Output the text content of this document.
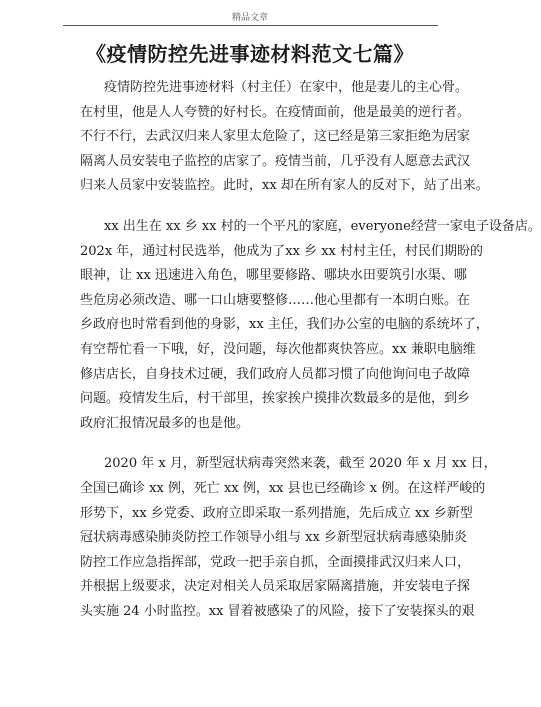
精品文章
《疫情防控先进事迹材料范文七篇》

疫情防控先进事迹材料（村主任）在家中，他是妻儿的主心骨。
在村里，他是人人夸赞的好村长。在疫情面前，他是最美的逆行者。
不行不行，去武汉归来人家里太危险了，这已经是第三家拒绝为居家
隔离人员安装电子监控的店家了。疫情当前，几乎没有人愿意去武汉
归来人员家中安装监控。此时，xx 却在所有家人的反对下，站了出来。

xx 出生在 xx 乡 xx 村的一个平凡的家庭，everyone经营一家电子设备店。
202x 年，通过村民选举，他成为了xx 乡 xx 村村主任，村民们期盼的
眼神，让 xx 迅速进入角色，哪里要修路、哪块水田要筑引水渠、哪
些危房必须改造、哪一口山塘要整修……他心里都有一本明白账。在
乡政府也时常看到他的身影，xx 主任，我们办公室的电脑的系统坏了，
有空帮忙看一下哦，好，没问题，每次他都爽快答应。xx 兼职电脑维
修店店长，自身技术过硬，我们政府人员都习惯了向他询问电子故障
问题。疫情发生后，村干部里，挨家挨户摸排次数最多的是他，到乡
政府汇报情况最多的也是他。

2020 年 x 月，新型冠状病毒突然来袭，截至 2020 年 x 月 xx 日，
全国已确诊 xx 例，死亡 xx 例，xx 县也已经确诊 x 例。在这样严峻的
形势下，xx 乡党委、政府立即采取一系列措施，先后成立 xx 乡新型
冠状病毒感染肺炎防控工作领导小组与 xx 乡新型冠状病毒感染肺炎
防控工作应急指挥部，党政一把手亲自抓，全面摸排武汉归来人口，
并根据上级要求，决定对相关人员采取居家隔离措施，并安装电子探
头实施 24 小时监控。xx 冒着被感染了的风险，接下了安装探头的艰
